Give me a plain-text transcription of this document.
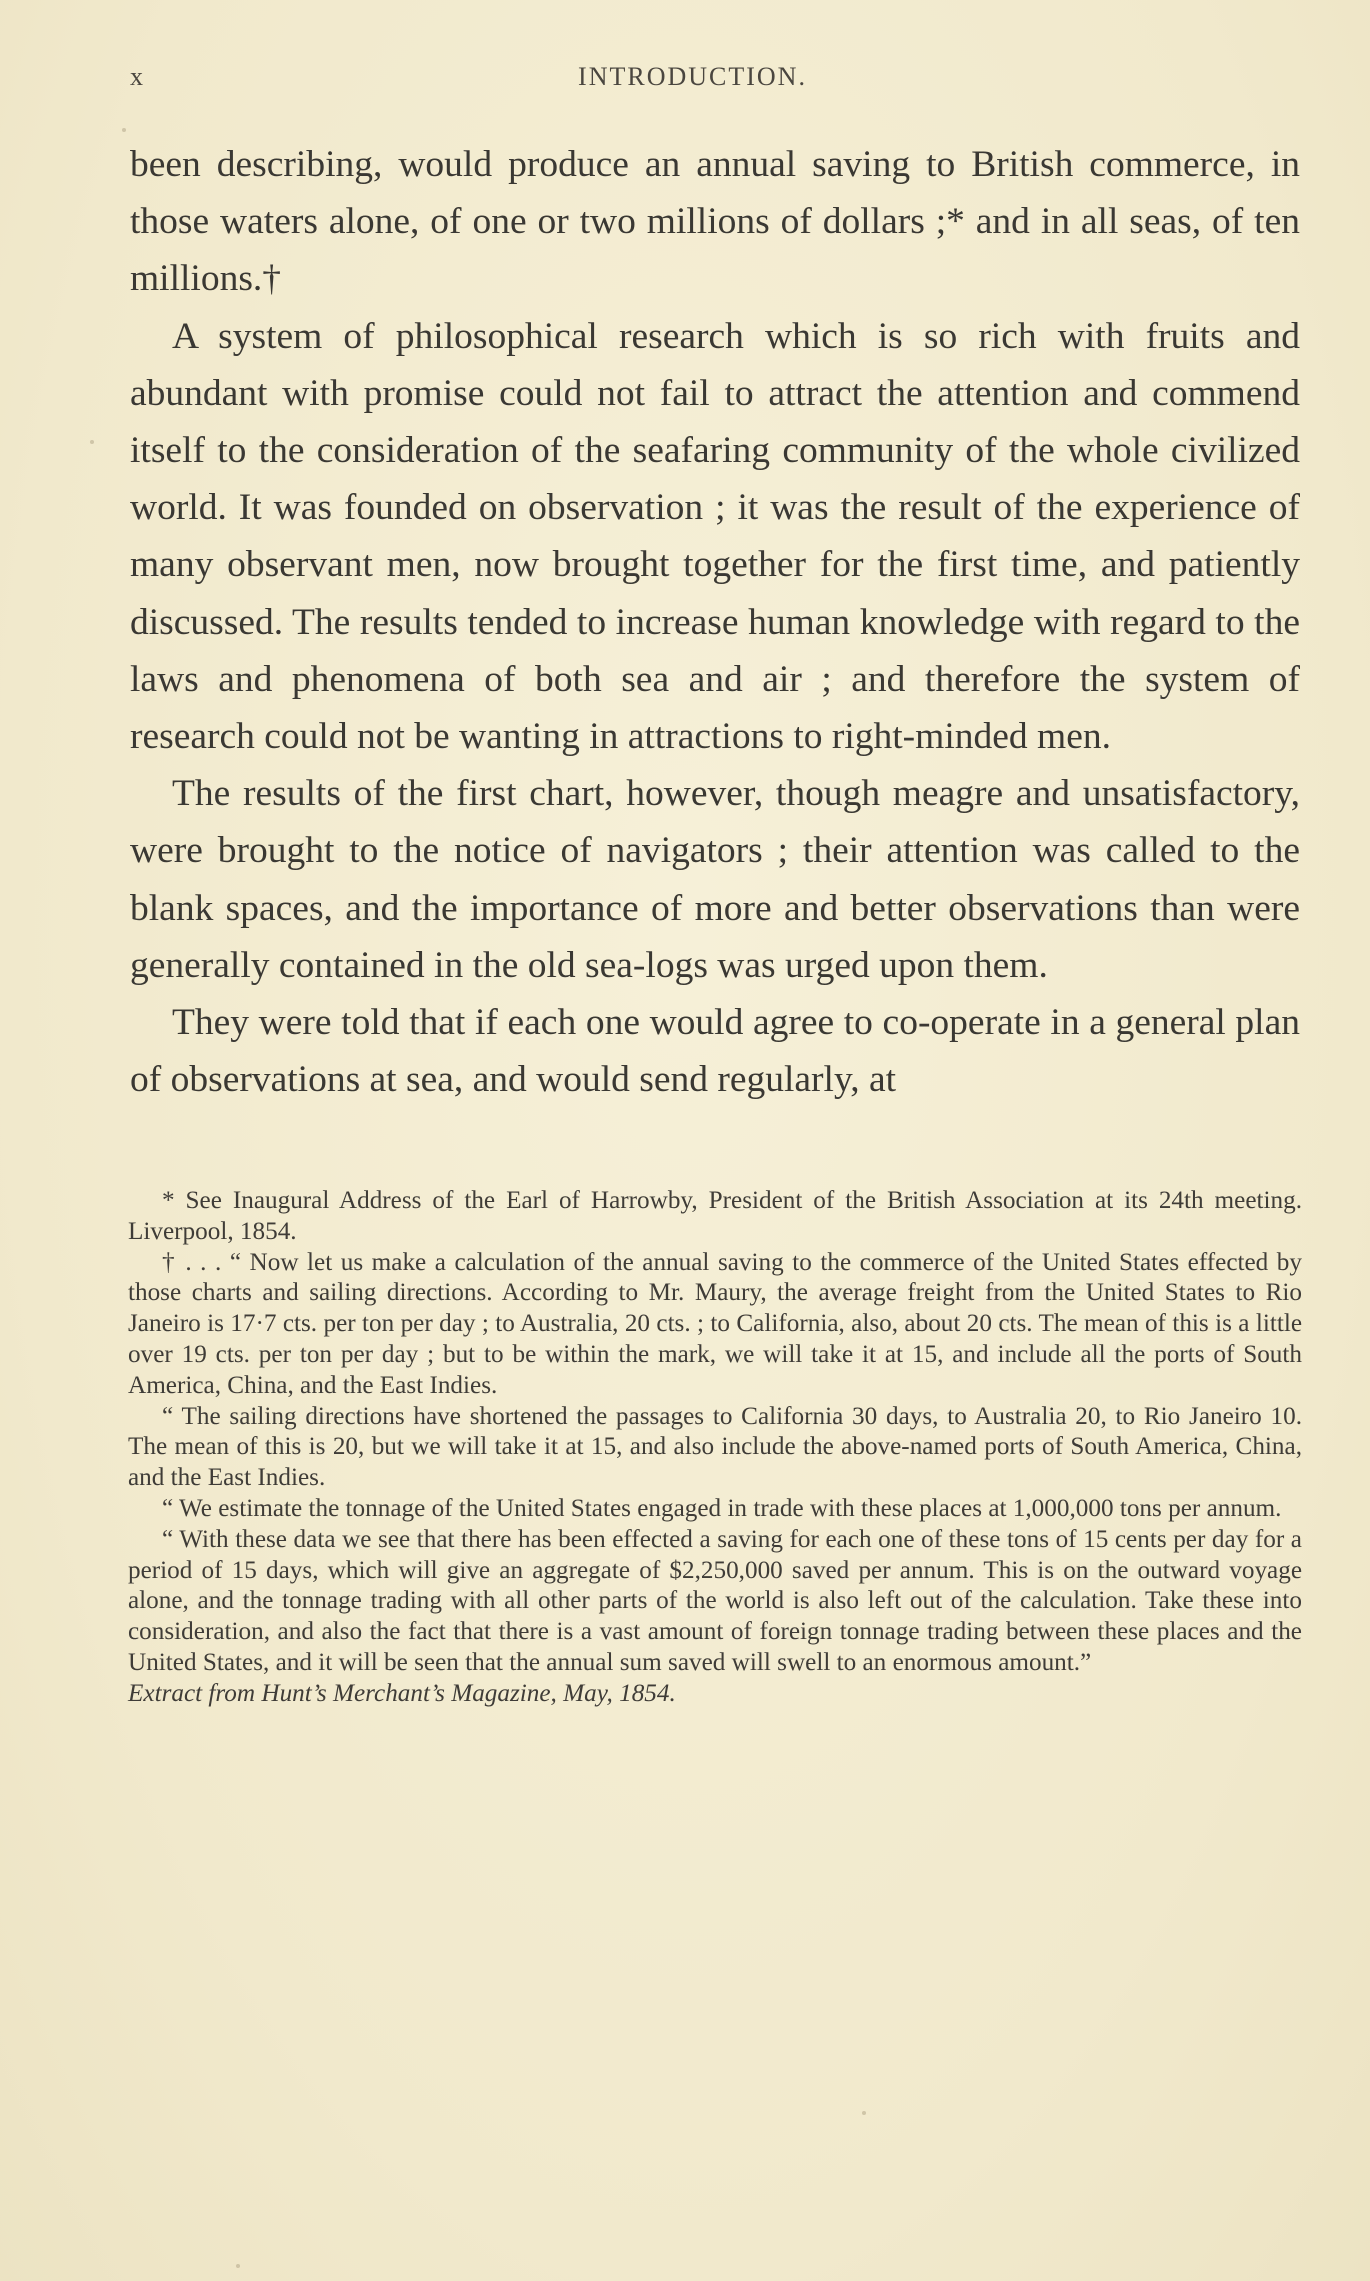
x	INTRODUCTION.

been describing, would produce an annual saving to British commerce, in those waters alone, of one or two millions of dollars ;* and in all seas, of ten millions.†

A system of philosophical research which is so rich with fruits and abundant with promise could not fail to attract the attention and commend itself to the consideration of the seafaring community of the whole civilized world. It was founded on observation ; it was the result of the experience of many observant men, now brought together for the first time, and patiently discussed. The results tended to increase human knowledge with regard to the laws and phenomena of both sea and air ; and therefore the system of research could not be wanting in attractions to right-minded men.

The results of the first chart, however, though meagre and unsatisfactory, were brought to the notice of navigators ; their attention was called to the blank spaces, and the importance of more and better observations than were generally contained in the old sea-logs was urged upon them.

They were told that if each one would agree to co-operate in a general plan of observations at sea, and would send regularly, at

* See Inaugural Address of the Earl of Harrowby, President of the British Association at its 24th meeting. Liverpool, 1854.

† . . . “ Now let us make a calculation of the annual saving to the commerce of the United States effected by those charts and sailing directions. According to Mr. Maury, the average freight from the United States to Rio Janeiro is 17·7 cts. per ton per day ; to Australia, 20 cts. ; to California, also, about 20 cts. The mean of this is a little over 19 cts. per ton per day ; but to be within the mark, we will take it at 15, and include all the ports of South America, China, and the East Indies.

“ The sailing directions have shortened the passages to California 30 days, to Australia 20, to Rio Janeiro 10. The mean of this is 20, but we will take it at 15, and also include the above-named ports of South America, China, and the East Indies.

“ We estimate the tonnage of the United States engaged in trade with these places at 1,000,000 tons per annum.

“ With these data we see that there has been effected a saving for each one of these tons of 15 cents per day for a period of 15 days, which will give an aggregate of $2,250,000 saved per annum. This is on the outward voyage alone, and the tonnage trading with all other parts of the world is also left out of the calculation. Take these into consideration, and also the fact that there is a vast amount of foreign tonnage trading between these places and the United States, and it will be seen that the annual sum saved will swell to an enormous amount.”

Extract from Hunt’s Merchant’s Magazine, May, 1854.
